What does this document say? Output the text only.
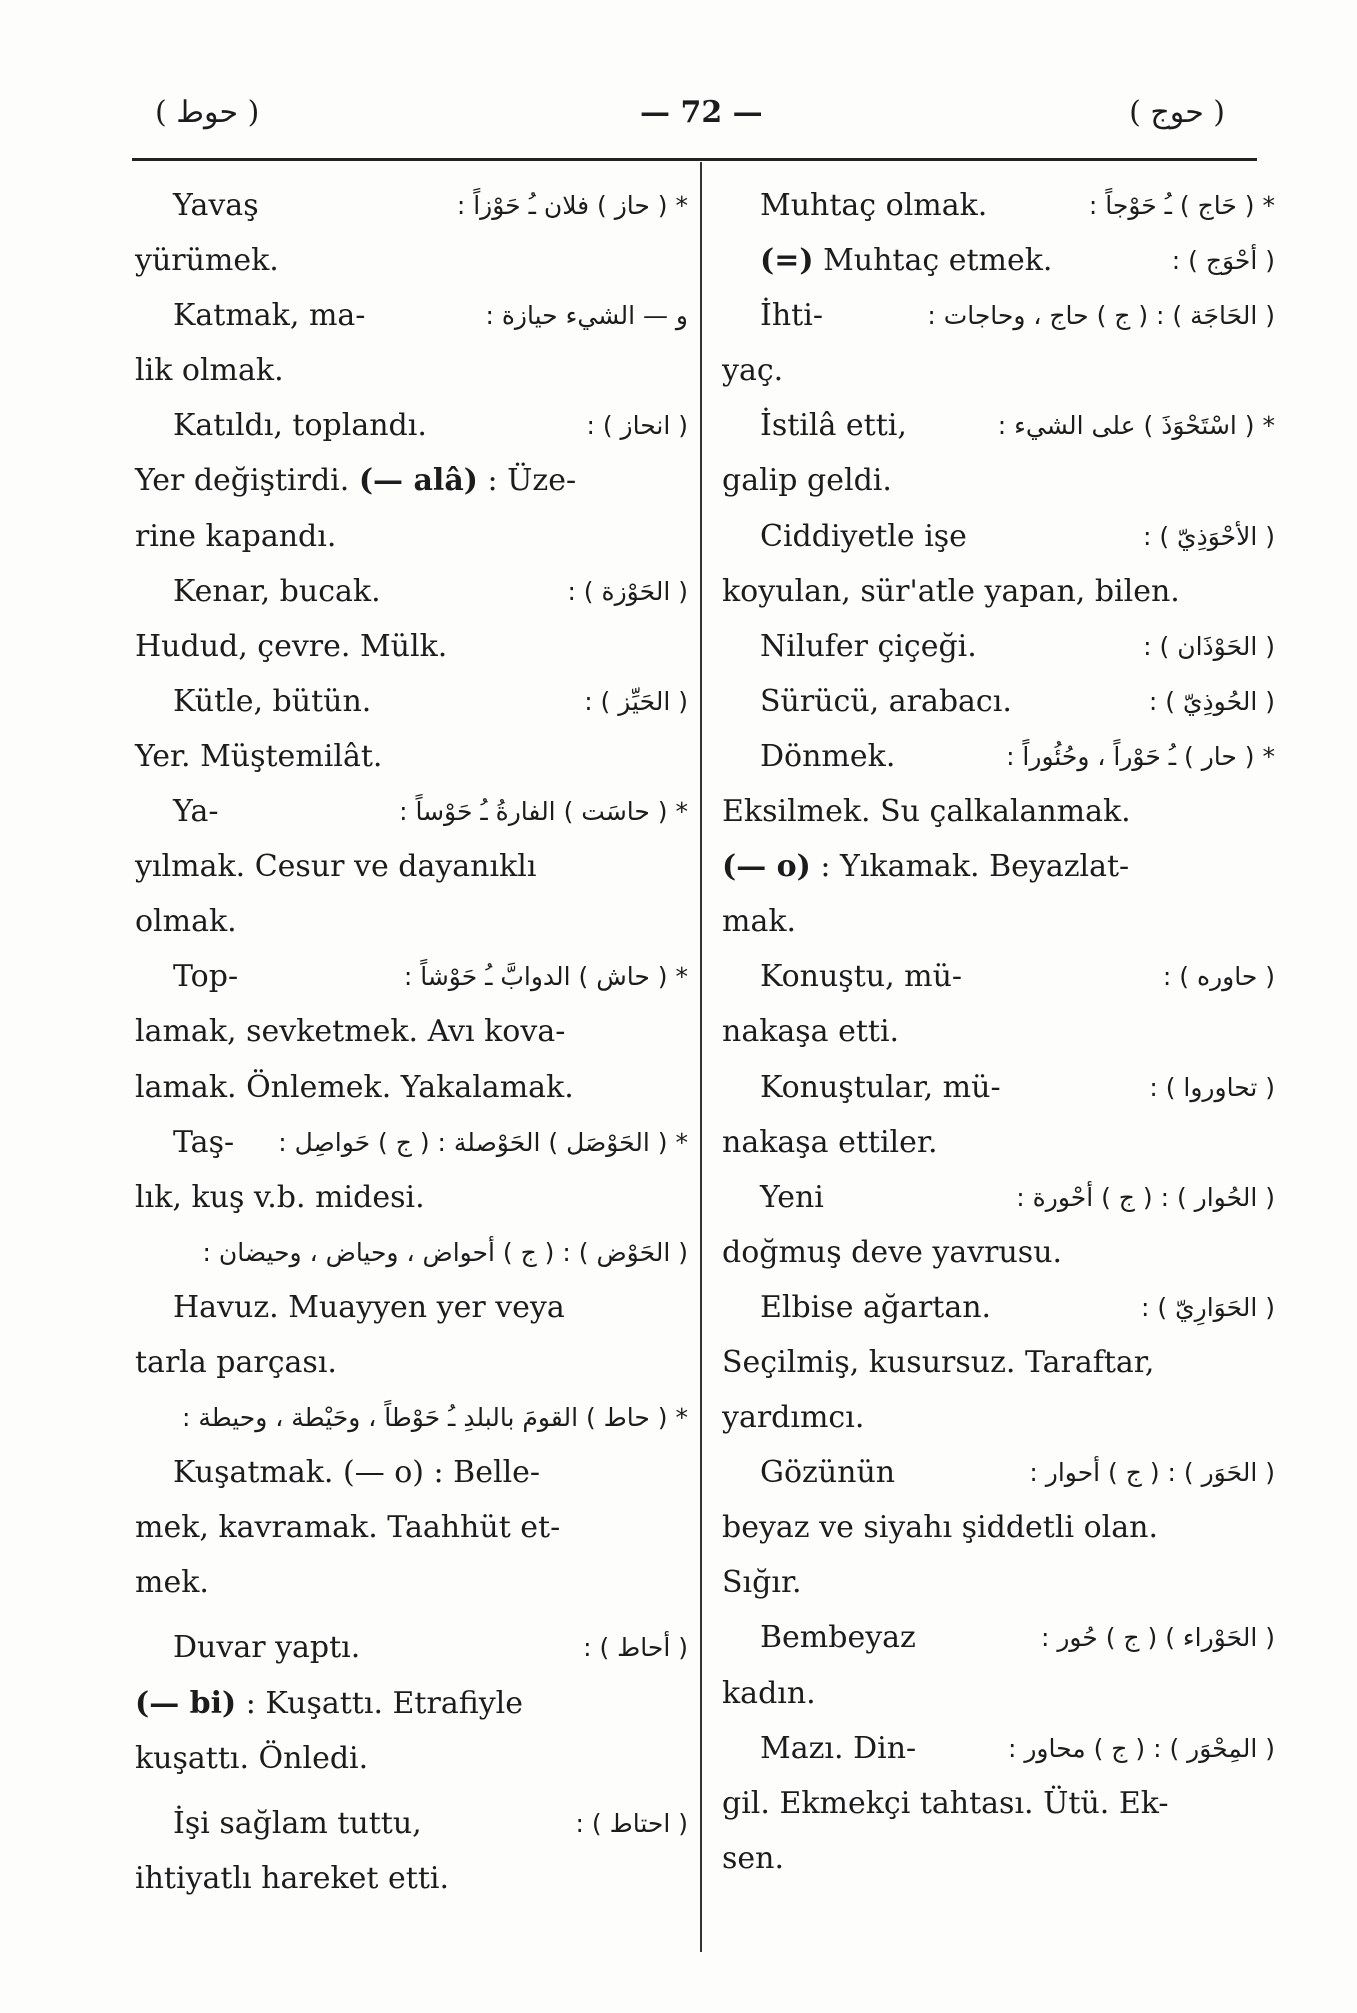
( حوط )	— 72 —	( حوج )
Yavaş	* ( حاز ) فلان ـُ حَوْزاً :
yürümek.
Katmak, ma-	و — الشيء حيازة :
lik olmak.
Katıldı, toplandı.	( انحاز ) :
Yer değiştirdi. (— alâ) : Üze-
rine kapandı.
Kenar, bucak.	( الحَوْزة ) :
Hudud, çevre. Mülk.
Kütle, bütün.	( الحَيِّز ) :
Yer. Müştemilât.
Ya-	* ( حاسَت ) الفارةُ ـُ حَوْساً :
yılmak. Cesur ve dayanıklı
olmak.
Top-	* ( حاش ) الدوابَّ ـُ حَوْشاً :
lamak, sevketmek. Avı kova-
lamak. Önlemek. Yakalamak.
Taş- * ( الحَوْصَل ) الحَوْصلة : ( ج ) حَواصِل :
lık, kuş v.b. midesi.
( الحَوْض ) : ( ج ) أحواض ، وحياض ، وحيضان :
Havuz. Muayyen yer veya
tarla parçası.
* ( حاط ) القومَ بالبلدِ ـُ حَوْطاً ، وحَيْطة ، وحيطة :
Kuşatmak. (— o) : Belle-
mek, kavramak. Taahhüt et-
mek.
Duvar yaptı.	( أحاط ) :
(— bi) : Kuşattı. Etrafiyle
kuşattı. Önledi.
İşi sağlam tuttu,	( احتاط ) :
ihtiyatlı hareket etti.
Muhtaç olmak.	* ( حَاج ) ـُ حَوْجاً :
(=) Muhtaç etmek.	( أحْوَج ) :
İhti-	( الحَاجَة ) : ( ج ) حاج ، وحاجات :
yaç.
İstilâ etti,	* ( اسْتَحْوَذَ ) على الشيء :
galip geldi.
Ciddiyetle işe	( الأحْوَذِيّ ) :
koyulan, sür'atle yapan, bilen.
Nilufer çiçeği.	( الحَوْذَان ) :
Sürücü, arabacı.	( الحُوذِيّ ) :
Dönmek.	* ( حار ) ـُ حَوْراً ، وحُئُوراً :
Eksilmek. Su çalkalanmak.
(— o) : Yıkamak. Beyazlat-
mak.
Konuştu, mü-	( حاوره ) :
nakaşa etti.
Konuştular, mü-	( تحاوروا ) :
nakaşa ettiler.
Yeni	( الحُوار ) : ( ج ) أحْورة :
doğmuş deve yavrusu.
Elbise ağartan.	( الحَوَارِيّ ) :
Seçilmiş, kusursuz. Taraftar,
yardımcı.
Gözünün	( الحَوَر ) : ( ج ) أحوار :
beyaz ve siyahı şiddetli olan.
Sığır.
Bembeyaz	( الحَوْراء ) ( ج ) حُور :
kadın.
Mazı. Din-	( المِحْوَر ) : ( ج ) محاور :
gil. Ekmekçi tahtası. Ütü. Ek-
sen.
